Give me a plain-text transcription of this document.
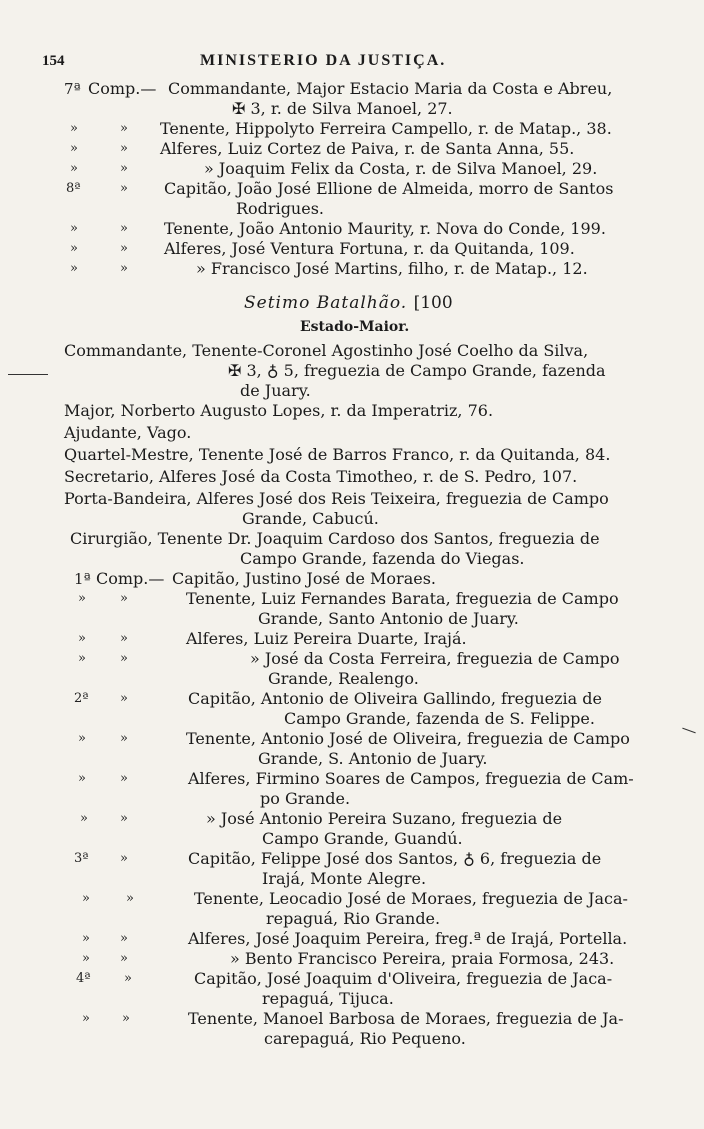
154	MINISTERIO DA JUSTIÇA.
7ª Comp.— Commandante, Major Estacio Maria da Costa e Abreu,
✠ 3, r. de Silva Manoel, 27.
»	» Tenente, Hippolyto Ferreira Campello, r. de Matap., 38.
»	» Alferes, Luiz Cortez de Paiva, r. de Santa Anna, 55.
»	»	» Joaquim Felix da Costa, r. de Silva Manoel, 29.
8ª	» Capitão, João José Ellione de Almeida, morro de Santos
Rodrigues.
»	» Tenente, João Antonio Maurity, r. Nova do Conde, 199.
»	» Alferes, José Ventura Fortuna, r. da Quitanda, 109.
»	»	» Francisco José Martins, filho, r. de Matap., 12.
Setimo Batalhão. [100
Estado-Maior.
Commandante, Tenente-Coronel Agostinho José Coelho da Silva,
✠ 3, ♁ 5, freguezia de Campo Grande, fazenda
de Juary.
Major, Norberto Augusto Lopes, r. da Imperatriz, 76.
Ajudante, Vago.
Quartel-Mestre, Tenente José de Barros Franco, r. da Quitanda, 84.
Secretario, Alferes José da Costa Timotheo, r. de S. Pedro, 107.
Porta-Bandeira, Alferes José dos Reis Teixeira, freguezia de Campo
Grande, Cabucú.
Cirurgião, Tenente Dr. Joaquim Cardoso dos Santos, freguezia de
Campo Grande, fazenda do Viegas.
1ª Comp.— Capitão, Justino José de Moraes.
»	»	Tenente, Luiz Fernandes Barata, freguezia de Campo
Grande, Santo Antonio de Juary.
»	»	Alferes, Luiz Pereira Duarte, Irajá.
»	»	» José da Costa Ferreira, freguezia de Campo
Grande, Realengo.
2ª »	Capitão, Antonio de Oliveira Gallindo, freguezia de
Campo Grande, fazenda de S. Felippe.
»	»	Tenente, Antonio José de Oliveira, freguezia de Campo
Grande, S. Antonio de Juary.
»	»	Alferes, Firmino Soares de Campos, freguezia de Cam-
po Grande.
» »	» José Antonio Pereira Suzano, freguezia de
Campo Grande, Guandú.
3ª »	Capitão, Felippe José dos Santos, ♁ 6, freguezia de
Irajá, Monte Alegre.
»	»	Tenente, Leocadio José de Moraes, freguezia de Jaca-
repaguá, Rio Grande.
» »	Alferes, José Joaquim Pereira, freg.ª de Irajá, Portella.
» »	» Bento Francisco Pereira, praia Formosa, 243.
4ª	»	Capitão, José Joaquim d'Oliveira, freguezia de Jaca-
repaguá, Tijuca.
» »	Tenente, Manoel Barbosa de Moraes, freguezia de Ja-
carepaguá, Rio Pequeno.
